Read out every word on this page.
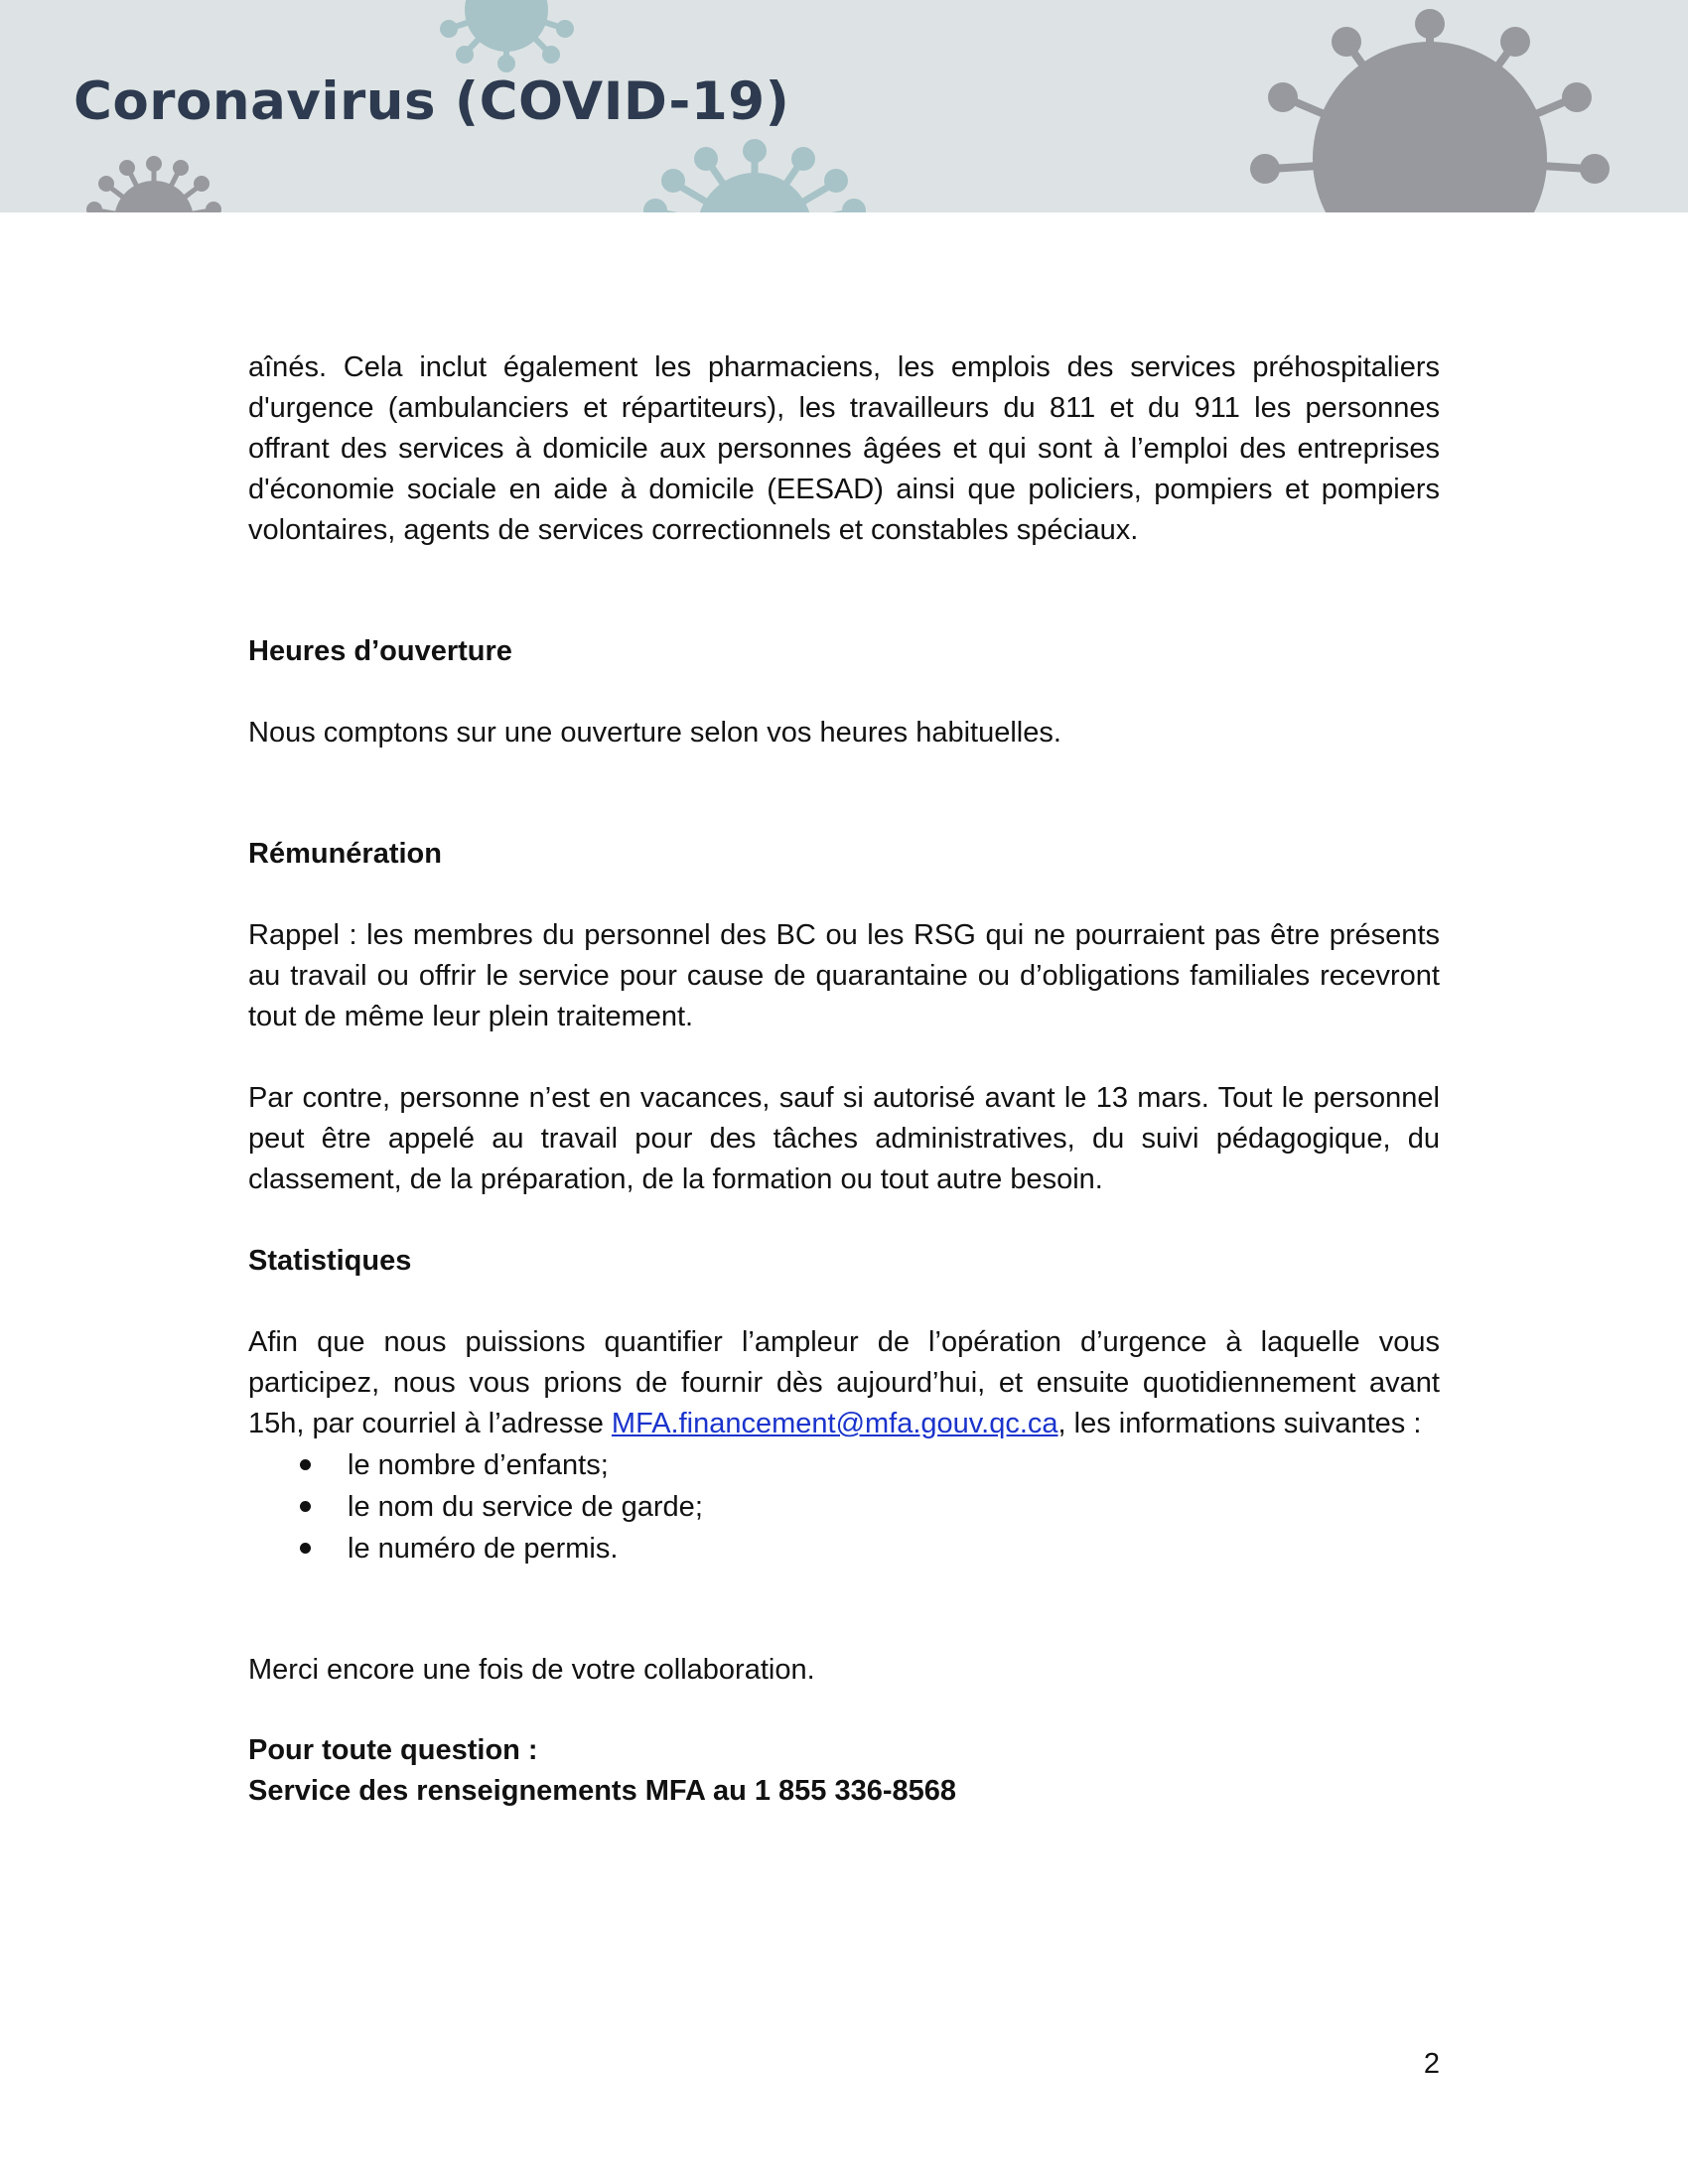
Coronavirus (COVID-19)

aînés. Cela inclut également les pharmaciens, les emplois des services préhospitaliers d'urgence (ambulanciers et répartiteurs), les travailleurs du 811 et du 911 les personnes offrant des services à domicile aux personnes âgées et qui sont à l’emploi des entreprises d'économie sociale en aide à domicile (EESAD) ainsi que policiers, pompiers et pompiers volontaires, agents de services correctionnels et constables spéciaux.

Heures d’ouverture

Nous comptons sur une ouverture selon vos heures habituelles.

Rémunération

Rappel : les membres du personnel des BC ou les RSG qui ne pourraient pas être présents au travail ou offrir le service pour cause de quarantaine ou d’obligations familiales recevront tout de même leur plein traitement.

Par contre, personne n’est en vacances, sauf si autorisé avant le 13 mars. Tout le personnel peut être appelé au travail pour des tâches administratives, du suivi pédagogique, du classement, de la préparation, de la formation ou tout autre besoin.

Statistiques

Afin que nous puissions quantifier l’ampleur de l’opération d’urgence à laquelle vous participez, nous vous prions de fournir dès aujourd’hui, et ensuite quotidiennement avant 15h, par courriel à l’adresse MFA.financement@mfa.gouv.qc.ca, les informations suivantes :

le nombre d’enfants;
le nom du service de garde;
le numéro de permis.

Merci encore une fois de votre collaboration.

Pour toute question :
Service des renseignements MFA au 1 855 336-8568
2
